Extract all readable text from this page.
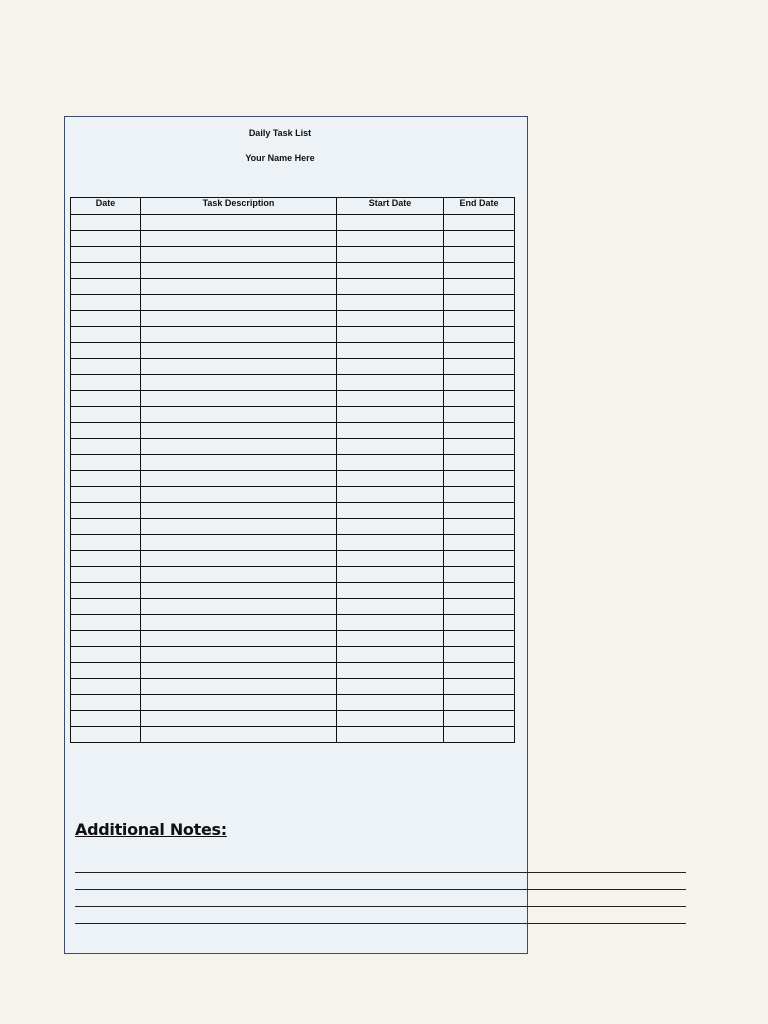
Daily Task List
Your Name Here
Date	Task Description	Start Date	End Date

Additional Notes:
